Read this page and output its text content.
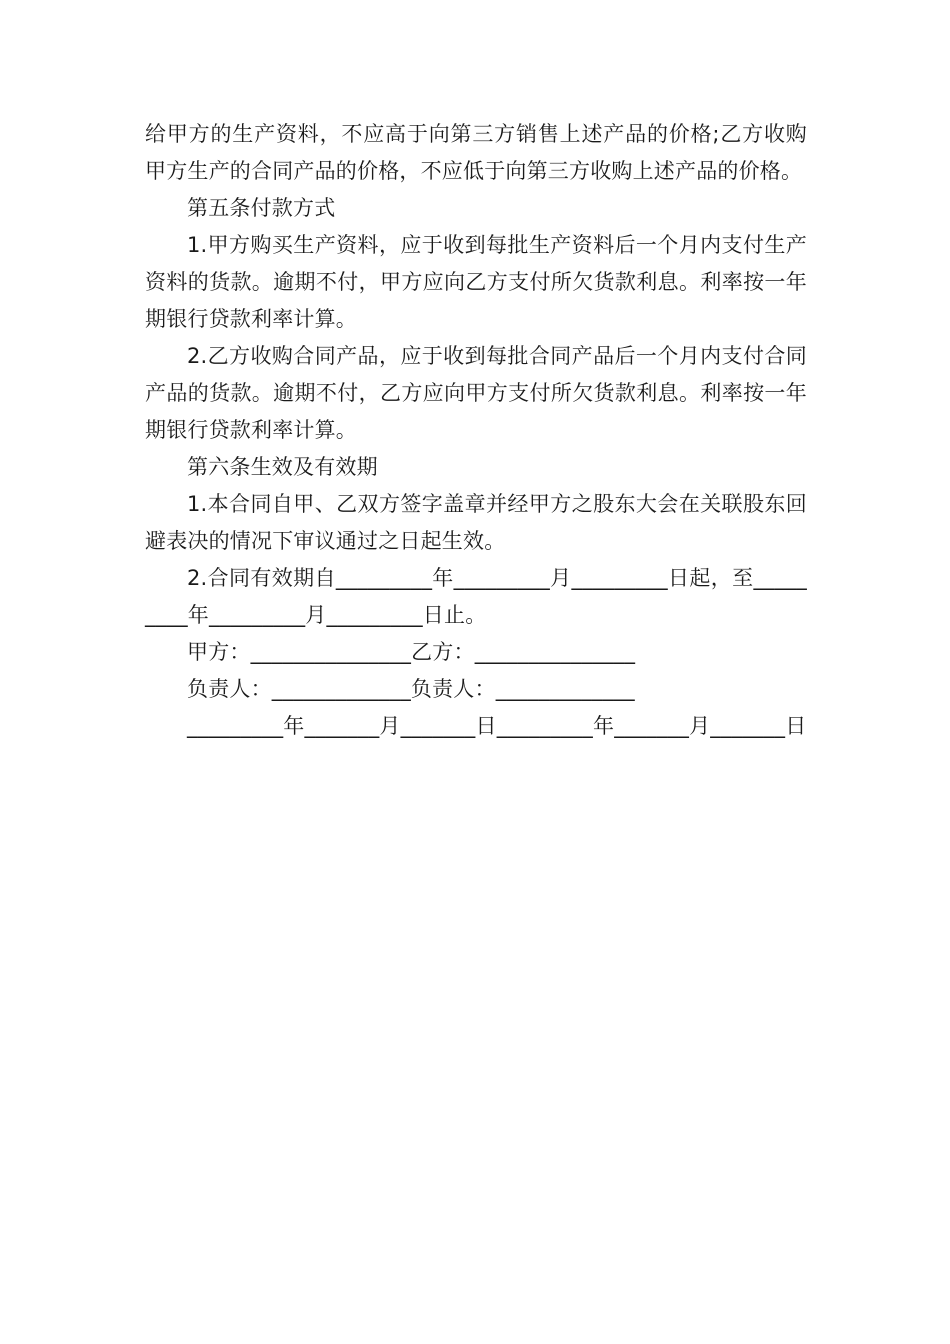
给甲方的生产资料，不应高于向第三方销售上述产品的价格;乙方收购甲方生产的合同产品的价格，不应低于向第三方收购上述产品的价格。

第五条付款方式

1.甲方购买生产资料，应于收到每批生产资料后一个月内支付生产资料的货款。逾期不付，甲方应向乙方支付所欠货款利息。利率按一年期银行贷款利率计算。

2.乙方收购合同产品，应于收到每批合同产品后一个月内支付合同产品的货款。逾期不付，乙方应向甲方支付所欠货款利息。利率按一年期银行贷款利率计算。

第六条生效及有效期

1.本合同自甲、乙双方签字盖章并经甲方之股东大会在关联股东回避表决的情况下审议通过之日起生效。

2.合同有效期自_________年_________月_________日起，至_________年_________月_________日止。

甲方：_______________乙方：_______________

负责人：_____________负责人：_____________

_________年_______月_______日_________年_______月_______日
